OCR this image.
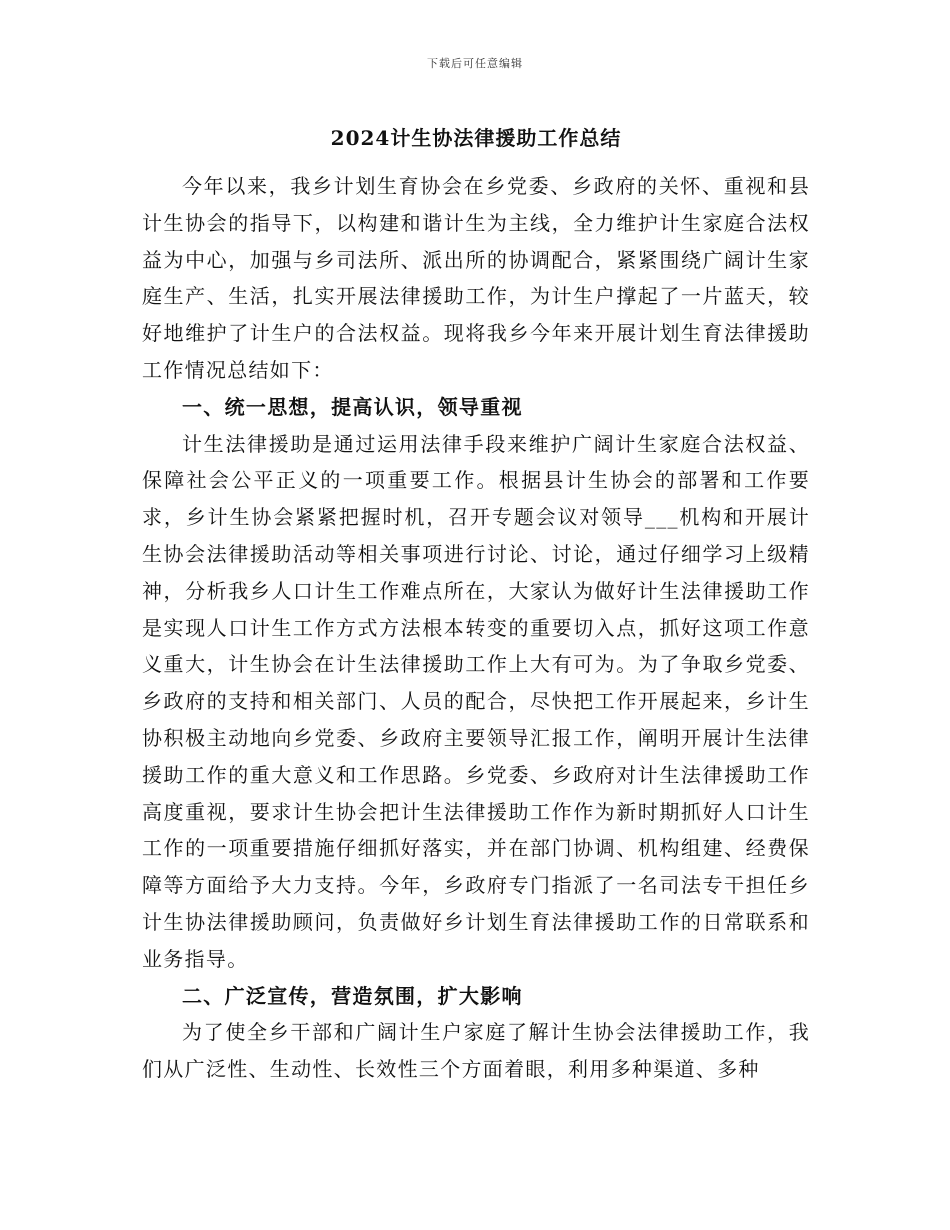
下载后可任意编辑
2024计生协法律援助工作总结

今年以来，我乡计划生育协会在乡党委、乡政府的关怀、重视和县计生协会的指导下，以构建和谐计生为主线，全力维护计生家庭合法权益为中心，加强与乡司法所、派出所的协调配合，紧紧围绕广阔计生家庭生产、生活，扎实开展法律援助工作，为计生户撑起了一片蓝天，较好地维护了计生户的合法权益。现将我乡今年来开展计划生育法律援助工作情况总结如下：

一、统一思想，提高认识，领导重视

计生法律援助是通过运用法律手段来维护广阔计生家庭合法权益、保障社会公平正义的一项重要工作。根据县计生协会的部署和工作要求，乡计生协会紧紧把握时机，召开专题会议对领导___机构和开展计生协会法律援助活动等相关事项进行讨论、讨论，通过仔细学习上级精神，分析我乡人口计生工作难点所在，大家认为做好计生法律援助工作是实现人口计生工作方式方法根本转变的重要切入点，抓好这项工作意义重大，计生协会在计生法律援助工作上大有可为。为了争取乡党委、乡政府的支持和相关部门、人员的配合，尽快把工作开展起来，乡计生协积极主动地向乡党委、乡政府主要领导汇报工作，阐明开展计生法律援助工作的重大意义和工作思路。乡党委、乡政府对计生法律援助工作高度重视，要求计生协会把计生法律援助工作作为新时期抓好人口计生工作的一项重要措施仔细抓好落实，并在部门协调、机构组建、经费保障等方面给予大力支持。今年，乡政府专门指派了一名司法专干担任乡计生协法律援助顾问，负责做好乡计划生育法律援助工作的日常联系和业务指导。

二、广泛宣传，营造氛围，扩大影响

为了使全乡干部和广阔计生户家庭了解计生协会法律援助工作，我们从广泛性、生动性、长效性三个方面着眼，利用多种渠道、多种
